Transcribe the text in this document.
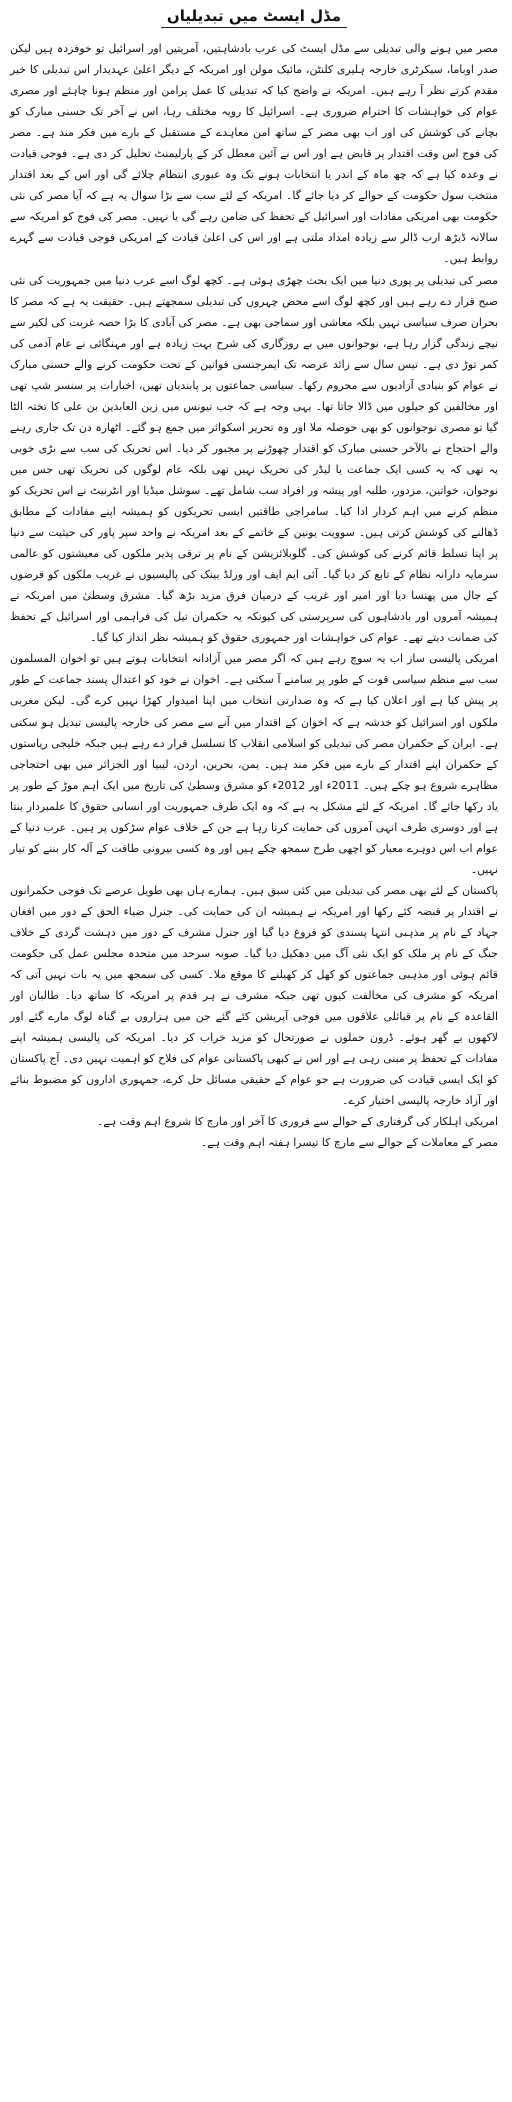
مڈل ایسٹ میں تبدیلیاں

مصر میں ہونے والی تبدیلی سے مڈل ایسٹ کی عرب بادشاہتیں، آمریتیں اور اسرائیل تو خوفزدہ ہیں لیکن صدر اوباما، سیکرٹری خارجہ ہلیری کلنٹن، مائیک مولن اور امریکہ کے دیگر اعلیٰ عہدیدار اس تبدیلی کا خیر مقدم کرتے نظر آ رہے ہیں۔ امریکہ نے واضح کیا کہ تبدیلی کا عمل پرامن اور منظم ہونا چاہئے اور مصری عوام کی خواہشات کا احترام ضروری ہے۔ اسرائیل کا رویہ مختلف رہا، اس نے آخر تک حسنی مبارک کو بچانے کی کوشش کی اور اب بھی مصر کے ساتھ امن معاہدے کے مستقبل کے بارے میں فکر مند ہے۔ مصر کی فوج اس وقت اقتدار پر قابض ہے اور اس نے آئین معطل کر کے پارلیمنٹ تحلیل کر دی ہے۔ فوجی قیادت نے وعدہ کیا ہے کہ چھ ماہ کے اندر یا انتخابات ہونے تک وہ عبوری انتظام چلائے گی اور اس کے بعد اقتدار منتخب سول حکومت کے حوالے کر دیا جائے گا۔ امریکہ کے لئے سب سے بڑا سوال یہ ہے کہ آیا مصر کی نئی حکومت بھی امریکی مفادات اور اسرائیل کے تحفظ کی ضامن رہے گی یا نہیں۔ مصر کی فوج کو امریکہ سے سالانہ ڈیڑھ ارب ڈالر سے زیادہ امداد ملتی ہے اور اس کی اعلیٰ قیادت کے امریکی فوجی قیادت سے گہرے روابط ہیں۔

مصر کی تبدیلی پر پوری دنیا میں ایک بحث چھڑی ہوئی ہے۔ کچھ لوگ اسے عرب دنیا میں جمہوریت کی نئی صبح قرار دے رہے ہیں اور کچھ لوگ اسے محض چہروں کی تبدیلی سمجھتے ہیں۔ حقیقت یہ ہے کہ مصر کا بحران صرف سیاسی نہیں بلکہ معاشی اور سماجی بھی ہے۔ مصر کی آبادی کا بڑا حصہ غربت کی لکیر سے نیچے زندگی گزار رہا ہے، نوجوانوں میں بے روزگاری کی شرح بہت زیادہ ہے اور مہنگائی نے عام آدمی کی کمر توڑ دی ہے۔ تیس سال سے زائد عرصہ تک ایمرجنسی قوانین کے تحت حکومت کرنے والے حسنی مبارک نے عوام کو بنیادی آزادیوں سے محروم رکھا۔ سیاسی جماعتوں پر پابندیاں تھیں، اخبارات پر سنسر شپ تھی اور مخالفین کو جیلوں میں ڈالا جاتا تھا۔ یہی وجہ ہے کہ جب تیونس میں زین العابدین بن علی کا تختہ الٹا گیا تو مصری نوجوانوں کو بھی حوصلہ ملا اور وہ تحریر اسکوائر میں جمع ہو گئے۔ اٹھارہ دن تک جاری رہنے والے احتجاج نے بالآخر حسنی مبارک کو اقتدار چھوڑنے پر مجبور کر دیا۔ اس تحریک کی سب سے بڑی خوبی یہ تھی کہ یہ کسی ایک جماعت یا لیڈر کی تحریک نہیں تھی بلکہ عام لوگوں کی تحریک تھی جس میں نوجوان، خواتین، مزدور، طلبہ اور پیشہ ور افراد سب شامل تھے۔ سوشل میڈیا اور انٹرنیٹ نے اس تحریک کو منظم کرنے میں اہم کردار ادا کیا۔ سامراجی طاقتیں ایسی تحریکوں کو ہمیشہ اپنے مفادات کے مطابق ڈھالنے کی کوشش کرتی ہیں۔ سوویت یونین کے خاتمے کے بعد امریکہ نے واحد سپر پاور کی حیثیت سے دنیا پر اپنا تسلط قائم کرنے کی کوشش کی۔ گلوبلائزیشن کے نام پر ترقی پذیر ملکوں کی معیشتوں کو عالمی سرمایہ دارانہ نظام کے تابع کر دیا گیا۔ آئی ایم ایف اور ورلڈ بینک کی پالیسیوں نے غریب ملکوں کو قرضوں کے جال میں پھنسا دیا اور امیر اور غریب کے درمیان فرق مزید بڑھ گیا۔ مشرق وسطیٰ میں امریکہ نے ہمیشہ آمروں اور بادشاہوں کی سرپرستی کی کیونکہ یہ حکمران تیل کی فراہمی اور اسرائیل کے تحفظ کی ضمانت دیتے تھے۔ عوام کی خواہشات اور جمہوری حقوق کو ہمیشہ نظر انداز کیا گیا۔

امریکی پالیسی ساز اب یہ سوچ رہے ہیں کہ اگر مصر میں آزادانہ انتخابات ہوتے ہیں تو اخوان المسلمون سب سے منظم سیاسی قوت کے طور پر سامنے آ سکتی ہے۔ اخوان نے خود کو اعتدال پسند جماعت کے طور پر پیش کیا ہے اور اعلان کیا ہے کہ وہ صدارتی انتخاب میں اپنا امیدوار کھڑا نہیں کرے گی۔ لیکن مغربی ملکوں اور اسرائیل کو خدشہ ہے کہ اخوان کے اقتدار میں آنے سے مصر کی خارجہ پالیسی تبدیل ہو سکتی ہے۔ ایران کے حکمران مصر کی تبدیلی کو اسلامی انقلاب کا تسلسل قرار دے رہے ہیں جبکہ خلیجی ریاستوں کے حکمران اپنے اقتدار کے بارے میں فکر مند ہیں۔ یمن، بحرین، اردن، لیبیا اور الجزائر میں بھی احتجاجی مظاہرے شروع ہو چکے ہیں۔ 2011ء اور 2012ء کو مشرق وسطیٰ کی تاریخ میں ایک اہم موڑ کے طور پر یاد رکھا جائے گا۔ امریکہ کے لئے مشکل یہ ہے کہ وہ ایک طرف جمہوریت اور انسانی حقوق کا علمبردار بنتا ہے اور دوسری طرف انہی آمروں کی حمایت کرتا رہا ہے جن کے خلاف عوام سڑکوں پر ہیں۔ عرب دنیا کے عوام اب اس دوہرے معیار کو اچھی طرح سمجھ چکے ہیں اور وہ کسی بیرونی طاقت کے آلہ کار بننے کو تیار نہیں۔

پاکستان کے لئے بھی مصر کی تبدیلی میں کئی سبق ہیں۔ ہمارے ہاں بھی طویل عرصے تک فوجی حکمرانوں نے اقتدار پر قبضہ کئے رکھا اور امریکہ نے ہمیشہ ان کی حمایت کی۔ جنرل ضیاء الحق کے دور میں افغان جہاد کے نام پر مذہبی انتہا پسندی کو فروغ دیا گیا اور جنرل مشرف کے دور میں دہشت گردی کے خلاف جنگ کے نام پر ملک کو ایک نئی آگ میں دھکیل دیا گیا۔ صوبہ سرحد میں متحدہ مجلس عمل کی حکومت قائم ہوئی اور مذہبی جماعتوں کو کھل کر کھیلنے کا موقع ملا۔ کسی کی سمجھ میں یہ بات نہیں آتی کہ امریکہ کو مشرف کی مخالفت کیوں تھی جبکہ مشرف نے ہر قدم پر امریکہ کا ساتھ دیا۔ طالبان اور القاعدہ کے نام پر قبائلی علاقوں میں فوجی آپریشن کئے گئے جن میں ہزاروں بے گناہ لوگ مارے گئے اور لاکھوں بے گھر ہوئے۔ ڈرون حملوں نے صورتحال کو مزید خراب کر دیا۔ امریکہ کی پالیسی ہمیشہ اپنے مفادات کے تحفظ پر مبنی رہی ہے اور اس نے کبھی پاکستانی عوام کی فلاح کو اہمیت نہیں دی۔ آج پاکستان کو ایک ایسی قیادت کی ضرورت ہے جو عوام کے حقیقی مسائل حل کرے، جمہوری اداروں کو مضبوط بنائے اور آزاد خارجہ پالیسی اختیار کرے۔

امریکی اہلکار کی گرفتاری کے حوالے سے فروری کا آخر اور مارچ کا شروع اہم وقت ہے۔

مصر کے معاملات کے حوالے سے مارچ کا تیسرا ہفتہ اہم وقت ہے۔
